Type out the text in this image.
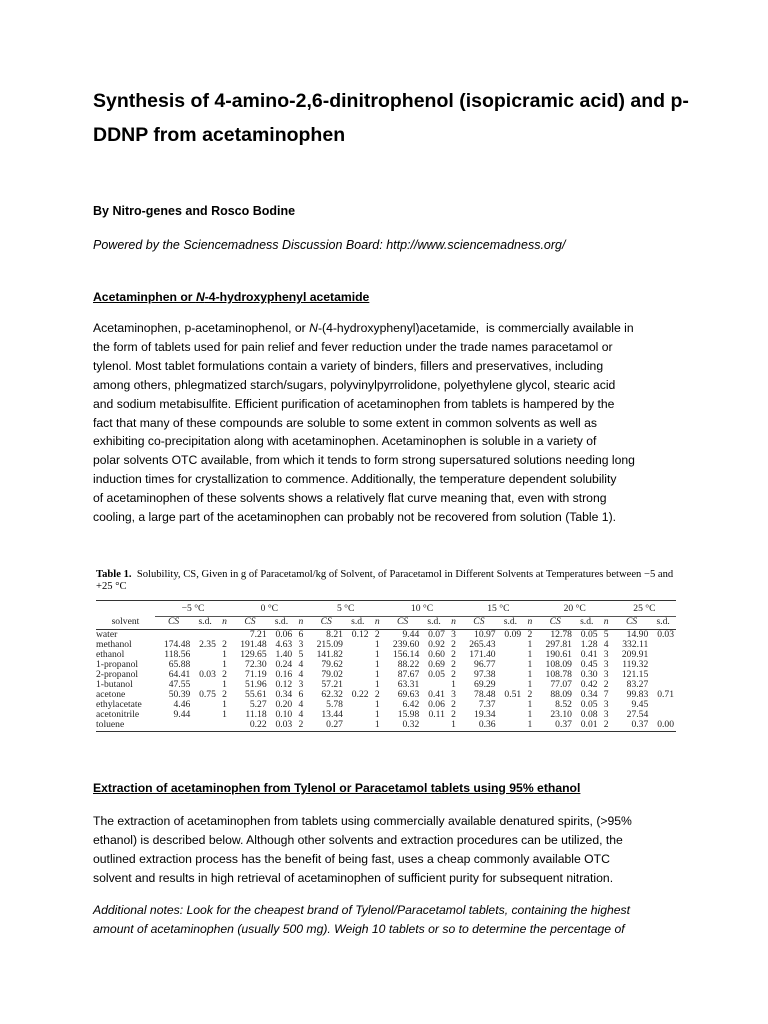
Synthesis of 4-amino-2,6-dinitrophenol (isopicramic acid) and p-DDNP from acetaminophen

By Nitro-genes and Rosco Bodine

Powered by the Sciencemadness Discussion Board: http://www.sciencemadness.org/

Acetaminphen or N-4-hydroxyphenyl acetamide

Acetaminophen, p-acetaminophenol, or N-(4-hydroxyphenyl)acetamide,  is commercially available in
the form of tablets used for pain relief and fever reduction under the trade names paracetamol or
tylenol. Most tablet formulations contain a variety of binders, fillers and preservatives, including
among others, phlegmatized starch/sugars, polyvinylpyrrolidone, polyethylene glycol, stearic acid
and sodium metabisulfite. Efficient purification of acetaminophen from tablets is hampered by the
fact that many of these compounds are soluble to some extent in common solvents as well as
exhibiting co-precipitation along with acetaminophen. Acetaminophen is soluble in a variety of
polar solvents OTC available, from which it tends to form strong supersatured solutions needing long
induction times for crystallization to commence. Additionally, the temperature dependent solubility
of acetaminophen of these solvents shows a relatively flat curve meaning that, even with strong
cooling, a large part of the acetaminophen can probably not be recovered from solution (Table 1).

Table 1. Solubility, CS, Given in g of Paracetamol/kg of Solvent, of Paracetamol in Different Solvents at Temperatures between −5 and +25 °C

	−5 °C			0 °C			5 °C			10 °C			15 °C			20 °C			25 °C	
solvent	CS	s.d.	n	CS	s.d.	n	CS	s.d.	n	CS	s.d.	n	CS	s.d.	n	CS	s.d.	n	CS	s.d.
water				7.21	0.06	6	8.21	0.12	2	9.44	0.07	3	10.97	0.09	2	12.78	0.05	5	14.90	0.03
methanol	174.48	2.35	2	191.48	4.63	3	215.09		1	239.60	0.92	2	265.43		1	297.81	1.28	4	332.11	
ethanol	118.56		1	129.65	1.40	5	141.82		1	156.14	0.60	2	171.40		1	190.61	0.41	3	209.91	
1-propanol	65.88		1	72.30	0.24	4	79.62		1	88.22	0.69	2	96.77		1	108.09	0.45	3	119.32	
2-propanol	64.41	0.03	2	71.19	0.16	4	79.02		1	87.67	0.05	2	97.38		1	108.78	0.30	3	121.15	
1-butanol	47.55		1	51.96	0.12	3	57.21		1	63.31		1	69.29		1	77.07	0.42	2	83.27	
acetone	50.39	0.75	2	55.61	0.34	6	62.32	0.22	2	69.63	0.41	3	78.48	0.51	2	88.09	0.34	7	99.83	0.71
ethylacetate	4.46		1	5.27	0.20	4	5.78		1	6.42	0.06	2	7.37		1	8.52	0.05	3	9.45	
acetonitrile	9.44		1	11.18	0.10	4	13.44		1	15.98	0.11	2	19.34		1	23.10	0.08	3	27.54	
toluene				0.22	0.03	2	0.27		1	0.32		1	0.36		1	0.37	0.01	2	0.37	0.00

Extraction of acetaminophen from Tylenol or Paracetamol tablets using 95% ethanol

The extraction of acetaminophen from tablets using commercially available denatured spirits, (>95%
ethanol) is described below. Although other solvents and extraction procedures can be utilized, the
outlined extraction process has the benefit of being fast, uses a cheap commonly available OTC
solvent and results in high retrieval of acetaminophen of sufficient purity for subsequent nitration.
Additional notes: Look for the cheapest brand of Tylenol/Paracetamol tablets, containing the highest
amount of acetaminophen (usually 500 mg). Weigh 10 tablets or so to determine the percentage of
